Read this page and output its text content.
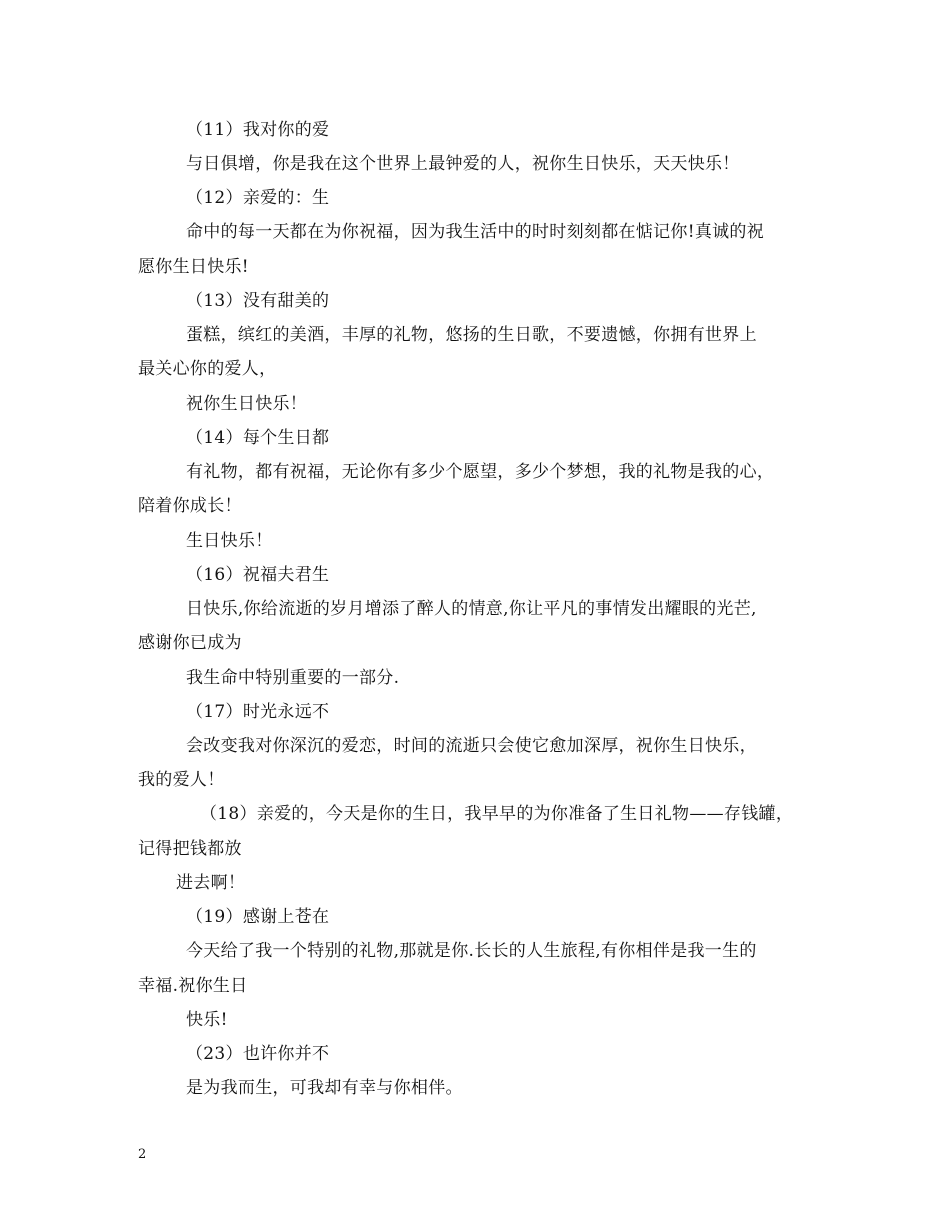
（11）我对你的爱
与日俱增，你是我在这个世界上最钟爱的人，祝你生日快乐，天天快乐！
（12）亲爱的：生
命中的每一天都在为你祝福，因为我生活中的时时刻刻都在惦记你!真诚的祝
愿你生日快乐!
（13）没有甜美的
蛋糕，缤红的美酒，丰厚的礼物，悠扬的生日歌，不要遗憾，你拥有世界上
最关心你的爱人，
祝你生日快乐！
（14）每个生日都
有礼物，都有祝福，无论你有多少个愿望，多少个梦想，我的礼物是我的心，
陪着你成长！
生日快乐！
（16）祝福夫君生
日快乐,你给流逝的岁月增添了醉人的情意,你让平凡的事情发出耀眼的光芒,
感谢你已成为
我生命中特别重要的一部分.
（17）时光永远不
会改变我对你深沉的爱恋，时间的流逝只会使它愈加深厚，祝你生日快乐，
我的爱人！
（18）亲爱的，今天是你的生日，我早早的为你准备了生日礼物——存钱罐，
记得把钱都放
进去啊！
（19）感谢上苍在
今天给了我一个特别的礼物,那就是你.长长的人生旅程,有你相伴是我一生的
幸福.祝你生日
快乐!
（23）也许你并不
是为我而生，可我却有幸与你相伴。
2
